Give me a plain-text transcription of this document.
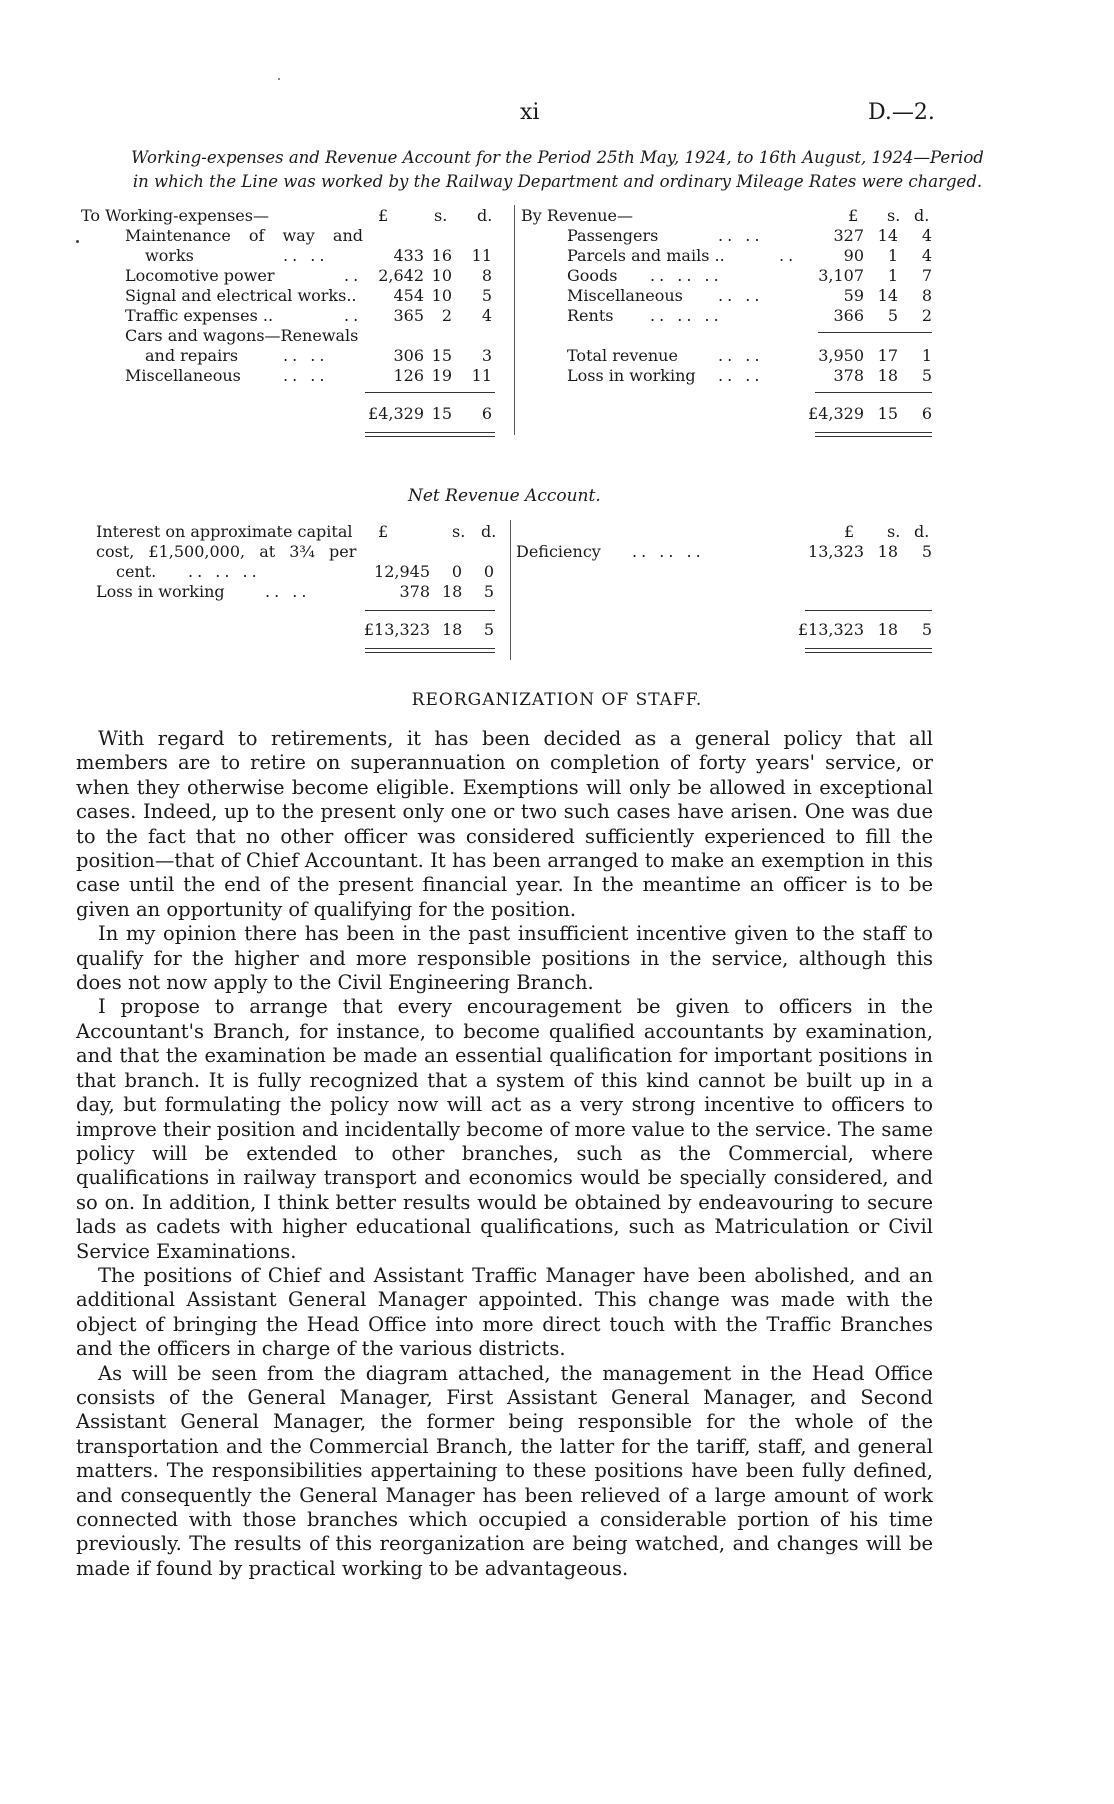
xi	D.—2.
Working-expenses and Revenue Account for the Period 25th May, 1924, to 16th August, 1924—Period
in which the Line was worked by the Railway Department and ordinary Mileage Rates were charged.
To Working-expenses—	£	s. d.
Maintenance of way and
works	.. ..	433 16	11
Locomotive power	..	2,642 10	8
Signal and electrical works..	454 10	5
Traffic expenses ..	..	365	2	4
Cars and wagons—Renewals
and repairs	.. ..	306 15	3
Miscellaneous	.. ..	126 19	11
£4,329 15	6
By Revenue—	£ s. d.
Passengers	.. ..	327 14	4
Parcels and mails ..	..	90	1	4
Goods .. .. ..	3,107	1	7
Miscellaneous .. ..	59 14	8
Rents .. .. ..	366	5	2
Total revenue	.. ..	3,950 17	1
Loss in working .. ..	378 18	5
£4,329 15	6
Net Revenue Account.
Interest on approximate capital £	s. d.
cost, £1,500,000, at 3¾ per
cent. .. .. ..	12,945	0	0
Loss in working	.. ..	378 18	5
£13,323 18	5
£ s. d.
Deficiency .. .. ..	13,323 18	5
£13,323 18	5
REORGANIZATION OF STAFF.

With regard to retirements, it has been decided as a general policy that all members are to retire on superannuation on completion of forty years' service, or when they otherwise become eligible. Exemptions will only be allowed in exceptional cases. Indeed, up to the present only one or two such cases have arisen. One was due to the fact that no other officer was considered sufficiently experienced to fill the position—that of Chief Accountant. It has been arranged to make an exemption in this case until the end of the present financial year. In the meantime an officer is to be given an opportunity of qualifying for the position.

In my opinion there has been in the past insufficient incentive given to the staff to qualify for the higher and more responsible positions in the service, although this does not now apply to the Civil Engineering Branch.

I propose to arrange that every encouragement be given to officers in the Accountant's Branch, for instance, to become qualified accountants by examination, and that the examination be made an essential qualification for important positions in that branch. It is fully recognized that a system of this kind cannot be built up in a day, but formulating the policy now will act as a very strong incentive to officers to improve their position and incidentally become of more value to the service. The same policy will be extended to other branches, such as the Commercial, where qualifications in railway transport and economics would be specially considered, and so on. In addition, I think better results would be obtained by endeavouring to secure lads as cadets with higher educational qualifications, such as Matriculation or Civil Service Examinations.

The positions of Chief and Assistant Traffic Manager have been abolished, and an additional Assistant General Manager appointed. This change was made with the object of bringing the Head Office into more direct touch with the Traffic Branches and the officers in charge of the various districts.

As will be seen from the diagram attached, the management in the Head Office consists of the General Manager, First Assistant General Manager, and Second Assistant General Manager, the former being responsible for the whole of the transportation and the Commercial Branch, the latter for the tariff, staff, and general matters. The responsibilities appertaining to these positions have been fully defined, and consequently the General Manager has been relieved of a large amount of work connected with those branches which occupied a considerable portion of his time previously. The results of this reorganization are being watched, and changes will be made if found by practical working to be advantageous.
